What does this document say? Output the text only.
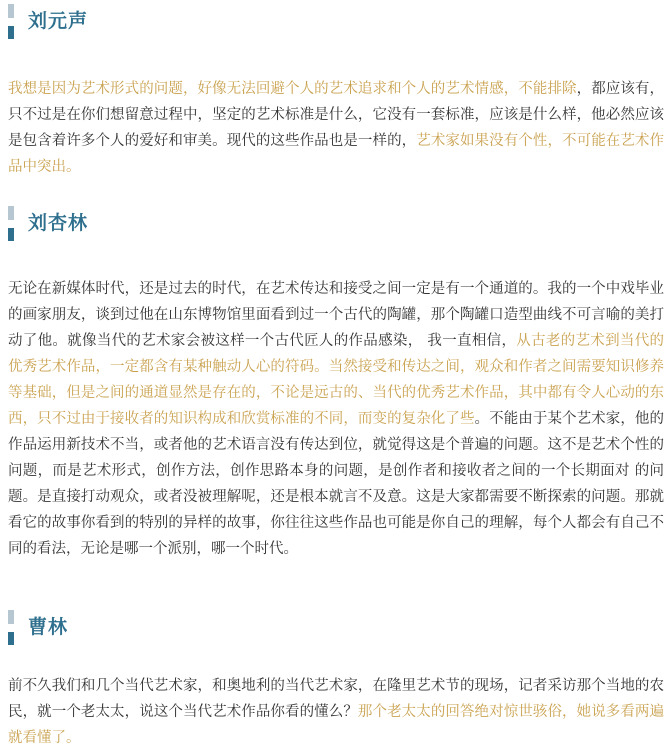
刘元声

我想是因为艺术形式的问题，好像无法回避个人的艺术追求和个人的艺术情感，不能排除，都应该有，只不过是在你们想留意过程中，坚定的艺术标准是什么，它没有一套标准，应该是什么样，他必然应该是包含着许多个人的爱好和审美。现代的这些作品也是一样的，艺术家如果没有个性，不可能在艺术作品中突出。

刘杏林

无论在新媒体时代，还是过去的时代，在艺术传达和接受之间一定是有一个通道的。我的一个中戏毕业的画家朋友，谈到过他在山东博物馆里面看到过一个古代的陶罐，那个陶罐口造型曲线不可言喻的美打动了他。就像当代的艺术家会被这样一个古代匠人的作品感染， 我一直相信，从古老的艺术到当代的优秀艺术作品，一定都含有某种触动人心的符码。当然接受和传达之间，观众和作者之间需要知识修养等基础，但是之间的通道显然是存在的，不论是远古的、当代的优秀艺术作品，其中都有令人心动的东西，只不过由于接收者的知识构成和欣赏标准的不同，而变的复杂化了些。不能由于某个艺术家，他的作品运用新技术不当，或者他的艺术语言没有传达到位，就觉得这是个普遍的问题。这不是艺术个性的问题，而是艺术形式，创作方法，创作思路本身的问题，是创作者和接收者之间的一个长期面对 的问题。是直接打动观众，或者没被理解呢，还是根本就言不及意。这是大家都需要不断探索的问题。那就看它的故事你看到的特别的异样的故事，你往往这些作品也可能是你自己的理解，每个人都会有自己不同的看法，无论是哪一个派别，哪一个时代。

曹林

前不久我们和几个当代艺术家，和奥地利的当代艺术家，在隆里艺术节的现场，记者采访那个当地的农民，就一个老太太，说这个当代艺术作品你看的懂么？那个老太太的回答绝对惊世骇俗，她说多看两遍就看懂了。
